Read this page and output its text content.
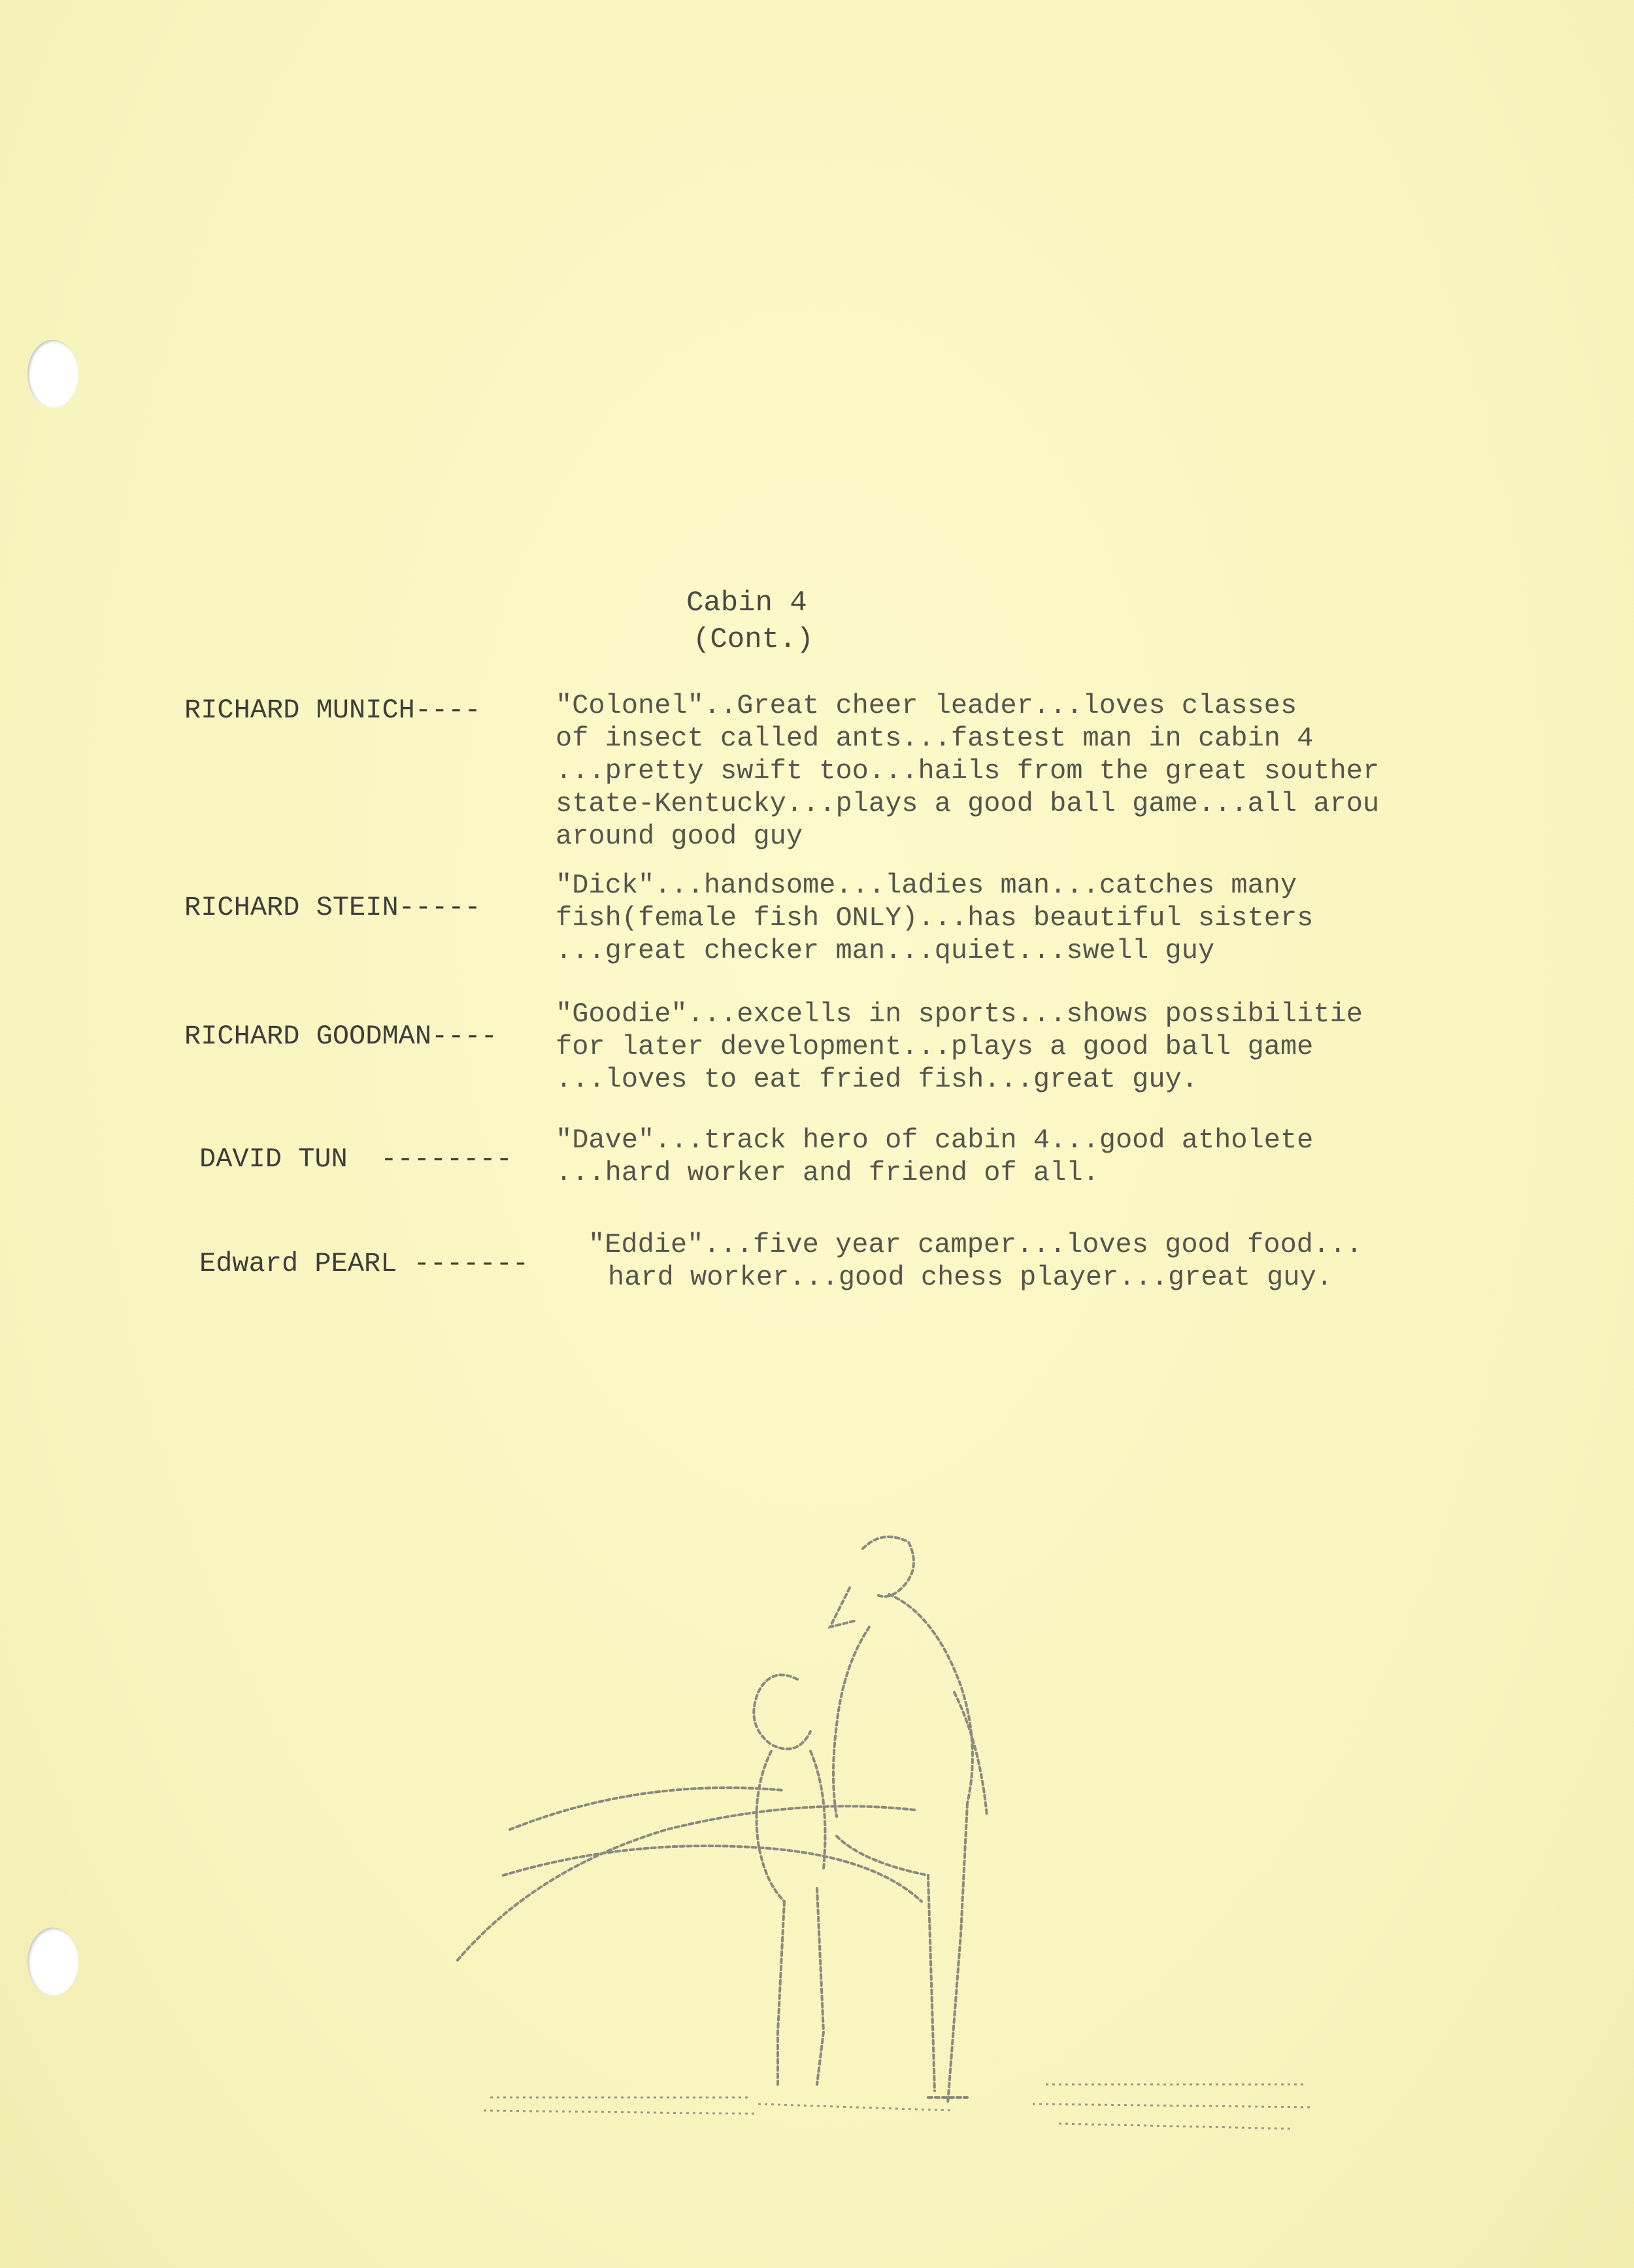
Cabin 4
(Cont.)
RICHARD MUNICH----	"Colonel"..Great cheer leader...loves classes
of insect called ants...fastest man in cabin 4
...pretty swift too...hails from the great souther
state-Kentucky...plays a good ball game...all arou
around good guy
RICHARD STEIN-----
"Dick"...handsome...ladies man...catches many
fish(female fish ONLY)...has beautiful sisters
...great checker man...quiet...swell guy
RICHARD GOODMAN----
"Goodie"...excells in sports...shows possibilitie
for later development...plays a good ball game
...loves to eat fried fish...great guy.
DAVID TUN  --------
"Dave"...track hero of cabin 4...good atholete
...hard worker and friend of all.
Edward PEARL -------
"Eddie"...five year camper...loves good food...
hard worker...good chess player...great guy.
